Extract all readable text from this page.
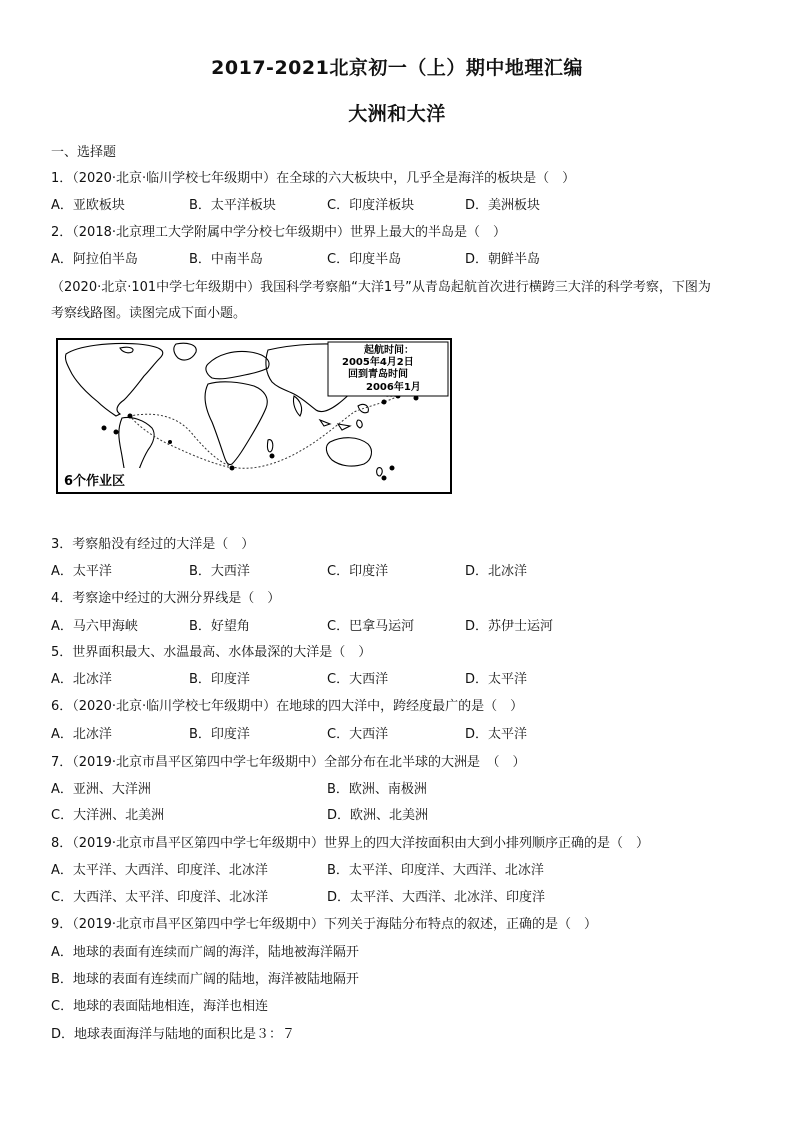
2017-2021北京初一（上）期中地理汇编
大洲和大洋

一、选择题

1．（2020·北京·临川学校七年级期中）在全球的六大板块中，几乎全是海洋的板块是（　）

A．亚欧板块	B．太平洋板块	C．印度洋板块	D．美洲板块

2．（2018·北京理工大学附属中学分校七年级期中）世界上最大的半岛是（　）

A．阿拉伯半岛	B．中南半岛	C．印度半岛	D．朝鲜半岛

（2020·北京·101中学七年级期中）我国科学考察船“大洋1号”从青岛起航首次进行横跨三大洋的科学考察，下图为

考察线路图。读图完成下面小题。

起航时间：
2005年4月2日
回到青岛时间
2006年1月
6个作业区

3．考察船没有经过的大洋是（　）

A．太平洋	B．大西洋	C．印度洋	D．北冰洋

4．考察途中经过的大洲分界线是（　）

A．马六甲海峡	B．好望角	C．巴拿马运河	D．苏伊士运河

5．世界面积最大、水温最高、水体最深的大洋是（　）

A．北冰洋	B．印度洋	C．大西洋	D．太平洋

6．（2020·北京·临川学校七年级期中）在地球的四大洋中，跨经度最广的是（　）

A．北冰洋	B．印度洋	C．大西洋	D．太平洋

7．（2019·北京市昌平区第四中学七年级期中）全部分布在北半球的大洲是　（　）

A．亚洲、大洋洲	B．欧洲、南极洲
C．大洋洲、北美洲	D．欧洲、北美洲

8．（2019·北京市昌平区第四中学七年级期中）世界上的四大洋按面积由大到小排列顺序正确的是（　）

A．太平洋、大西洋、印度洋、北冰洋	B．太平洋、印度洋、大西洋、北冰洋
C．大西洋、太平洋、印度洋、北冰洋	D．太平洋、大西洋、北冰洋、印度洋

9．（2019·北京市昌平区第四中学七年级期中）下列关于海陆分布特点的叙述，正确的是（　）

A．地球的表面有连续而广阔的海洋，陆地被海洋隔开
B．地球的表面有连续而广阔的陆地，海洋被陆地隔开
C．地球的表面陆地相连，海洋也相连
D．地球表面海洋与陆地的面积比是３：７
